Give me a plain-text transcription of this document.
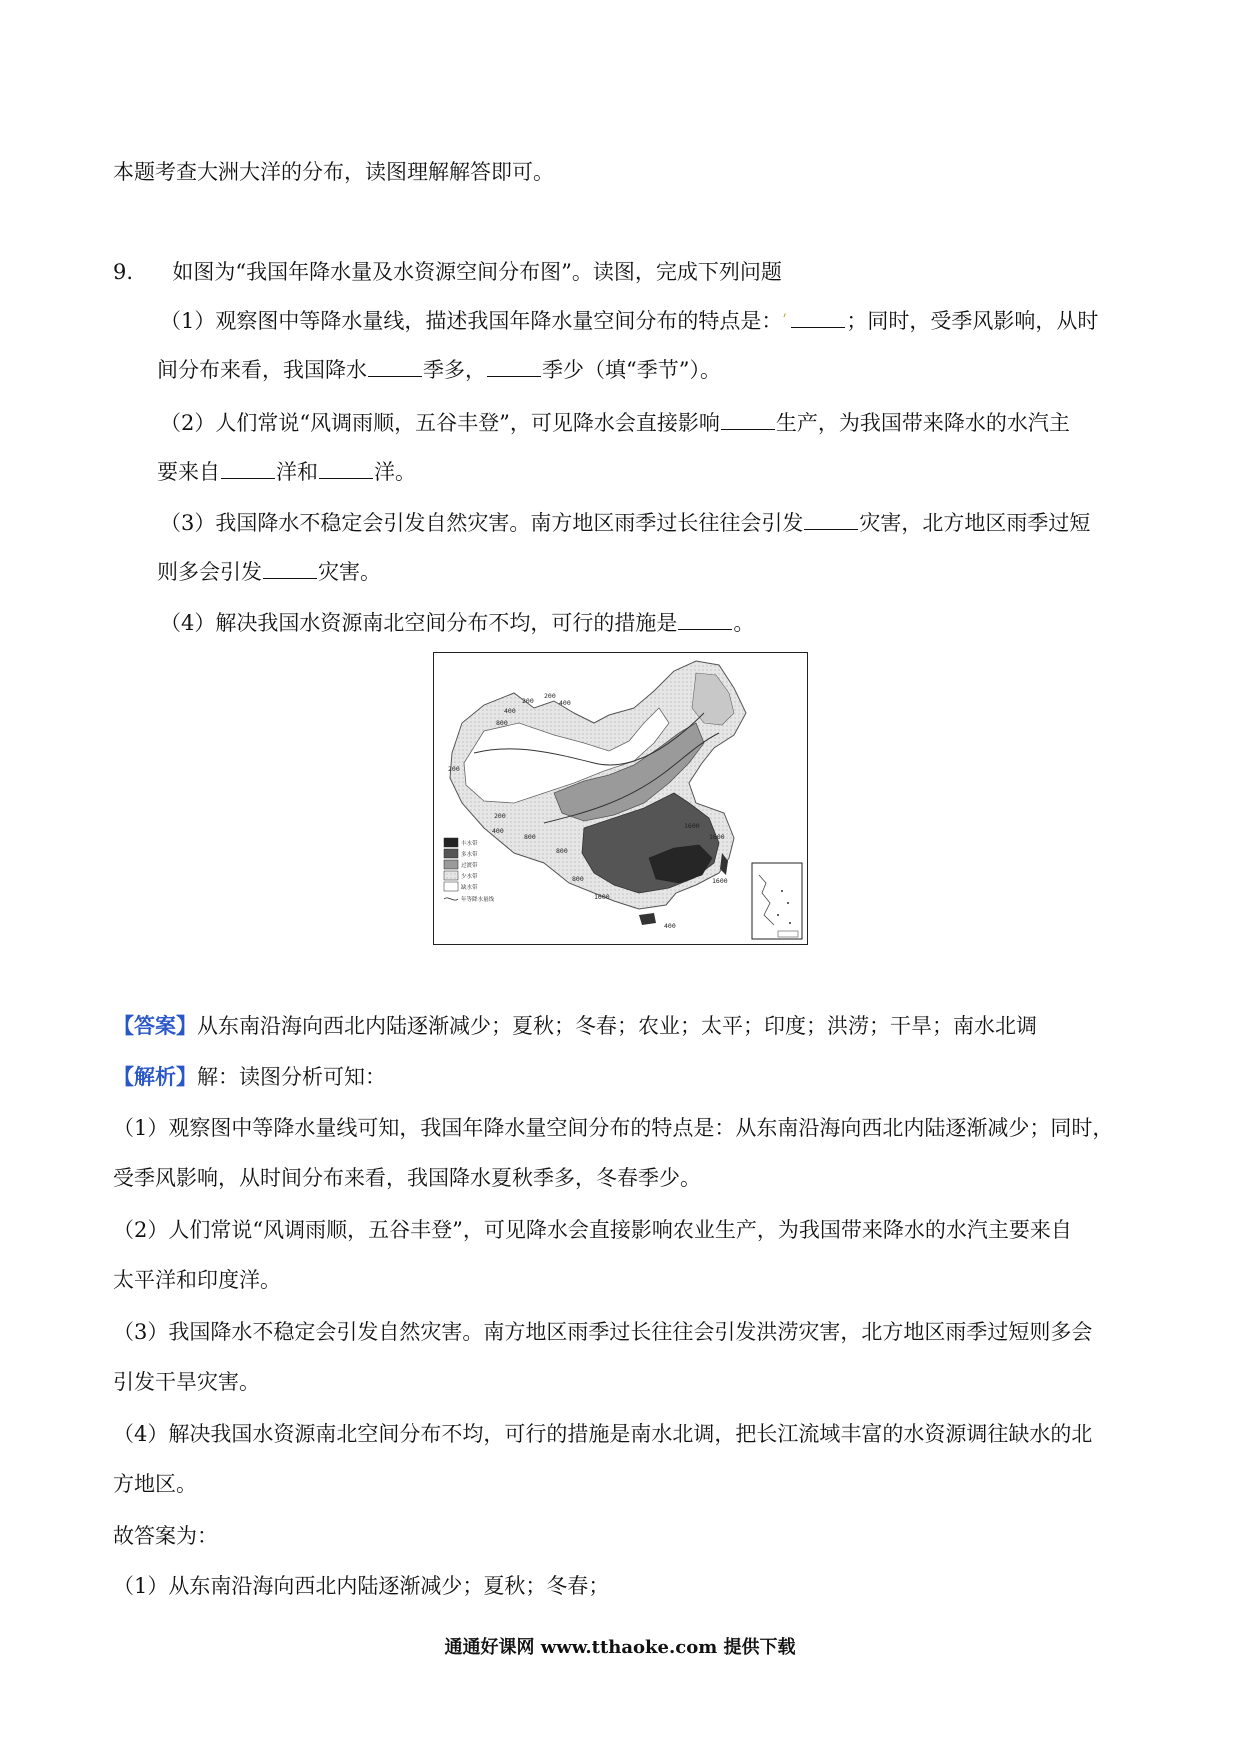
本题考查大洲大洋的分布，读图理解解答即可。
9. 如图为“我国年降水量及水资源空间分布图”。读图，完成下列问题
（1）观察图中等降水量线，描述我国年降水量空间分布的特点是：	；同时，受季风影响，从时
间分布来看，我国降水	季多，	季少（填“季节”）。
（2）人们常说“风调雨顺，五谷丰登”，可见降水会直接影响	生产，为我国带来降水的水汽主
要来自	洋和	洋。
（3）我国降水不稳定会引发自然灾害。南方地区雨季过长往往会引发	灾害，北方地区雨季过短
则多会引发	灾害。
（4）解决我国水资源南北空间分布不均，可行的措施是	。
200
400
800
200
400
200
200
400
800
1600
1600
1600
800	1600
800
400
丰水带
多水带
过渡带
少水带
缺水带
年等降水量线
【答案】从东南沿海向西北内陆逐渐减少；夏秋；冬春；农业；太平；印度；洪涝；干旱；南水北调
【解析】解：读图分析可知：
（1）观察图中等降水量线可知，我国年降水量空间分布的特点是：从东南沿海向西北内陆逐渐减少；同时，
受季风影响，从时间分布来看，我国降水夏秋季多，冬春季少。
（2）人们常说“风调雨顺，五谷丰登”，可见降水会直接影响农业生产，为我国带来降水的水汽主要来自
太平洋和印度洋。
（3）我国降水不稳定会引发自然灾害。南方地区雨季过长往往会引发洪涝灾害，北方地区雨季过短则多会
引发干旱灾害。
（4）解决我国水资源南北空间分布不均，可行的措施是南水北调，把长江流域丰富的水资源调往缺水的北
方地区。
故答案为：
（1）从东南沿海向西北内陆逐渐减少；夏秋；冬春；
通通好课网 www.tthaoke.com 提供下载
